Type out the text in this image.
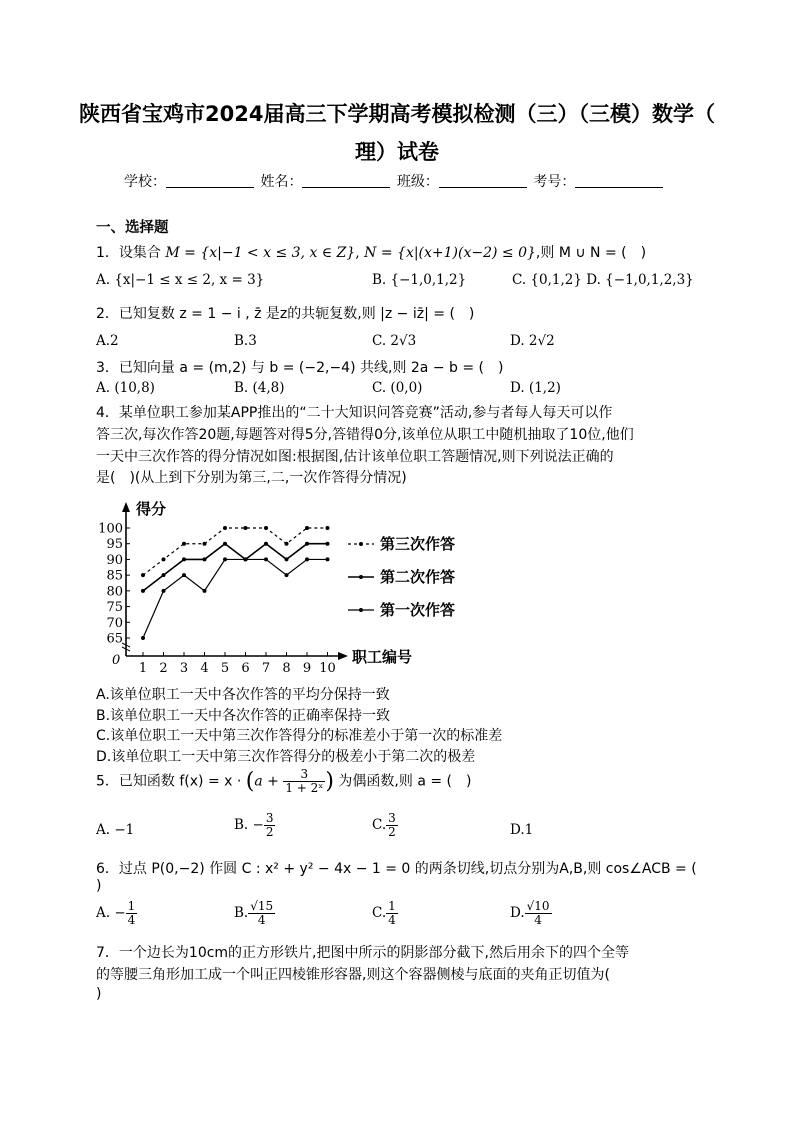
陕西省宝鸡市2024届高三下学期高考模拟检测（三）（三模）数学（
理）试卷
学校：	姓名：	班级：	考号：
一、选择题
1．设集合 M = {x|−1 < x ≤ 3, x ∈ Z}, N = {x|(x+1)(x−2) ≤ 0},则 M ∪ N = (　)
A. {x|−1 ≤ x ≤ 2, x = 3}	B. {−1,0,1,2}	C. {0,1,2} D. {−1,0,1,2,3}
2．已知复数 z = 1 − i , z̄ 是z的共轭复数,则 |z − iz̄| = (　)
A.2	B.3	C. 2√3	D. 2√2
3．已知向量 a = (m,2) 与 b = (−2,−4) 共线,则 2a − b = (　)
A. (10,8)	B. (4,8)	C. (0,0)	D. (1,2)
4．某单位职工参加某APP推出的“二十大知识问答竞赛”活动,参与者每人每天可以作
答三次,每次作答20题,每题答对得5分,答错得0分,该单位从职工中随机抽取了10位,他们
一天中三次作答的得分情况如图:根据图,估计该单位职工答题情况,则下列说法正确的
是(　)(从上到下分别为第三,二,一次作答得分情况)
得分
0
100
95
90
85
80
75
70
65
1 2 3 4 5 6 7 8 9 10
职工编号
第三次作答
第二次作答
第一次作答
A.该单位职工一天中各次作答的平均分保持一致
B.该单位职工一天中各次作答的正确率保持一致
C.该单位职工一天中第三次作答得分的标准差小于第一次的标准差
D.该单位职工一天中第三次作答得分的极差小于第二次的极差
5．已知函数 $f(x) = x \cdot (a + \frac{3}{\text{1 + 2ˣ}}$ ) 为偶函数,则 a = (　)
A. −1	B. − $\frac{3}{2}$	C. $\frac{3}{2}$	D.1
6．过点 P(0,−2) 作圆 C : x² + y² − 4x − 1 = 0 的两条切线,切点分别为A,B,则 cos∠ACB = (
)
A. − $\frac{1}{4}$	B. $\frac{√15}{4}$	C. $\frac{1}{4}$	D. $\frac{√10}{4}$
7．一个边长为10cm的正方形铁片,把图中所示的阴影部分截下,然后用余下的四个全等
的等腰三角形加工成一个叫正四棱锥形容器,则这个容器侧棱与底面的夹角正切值为(
)
